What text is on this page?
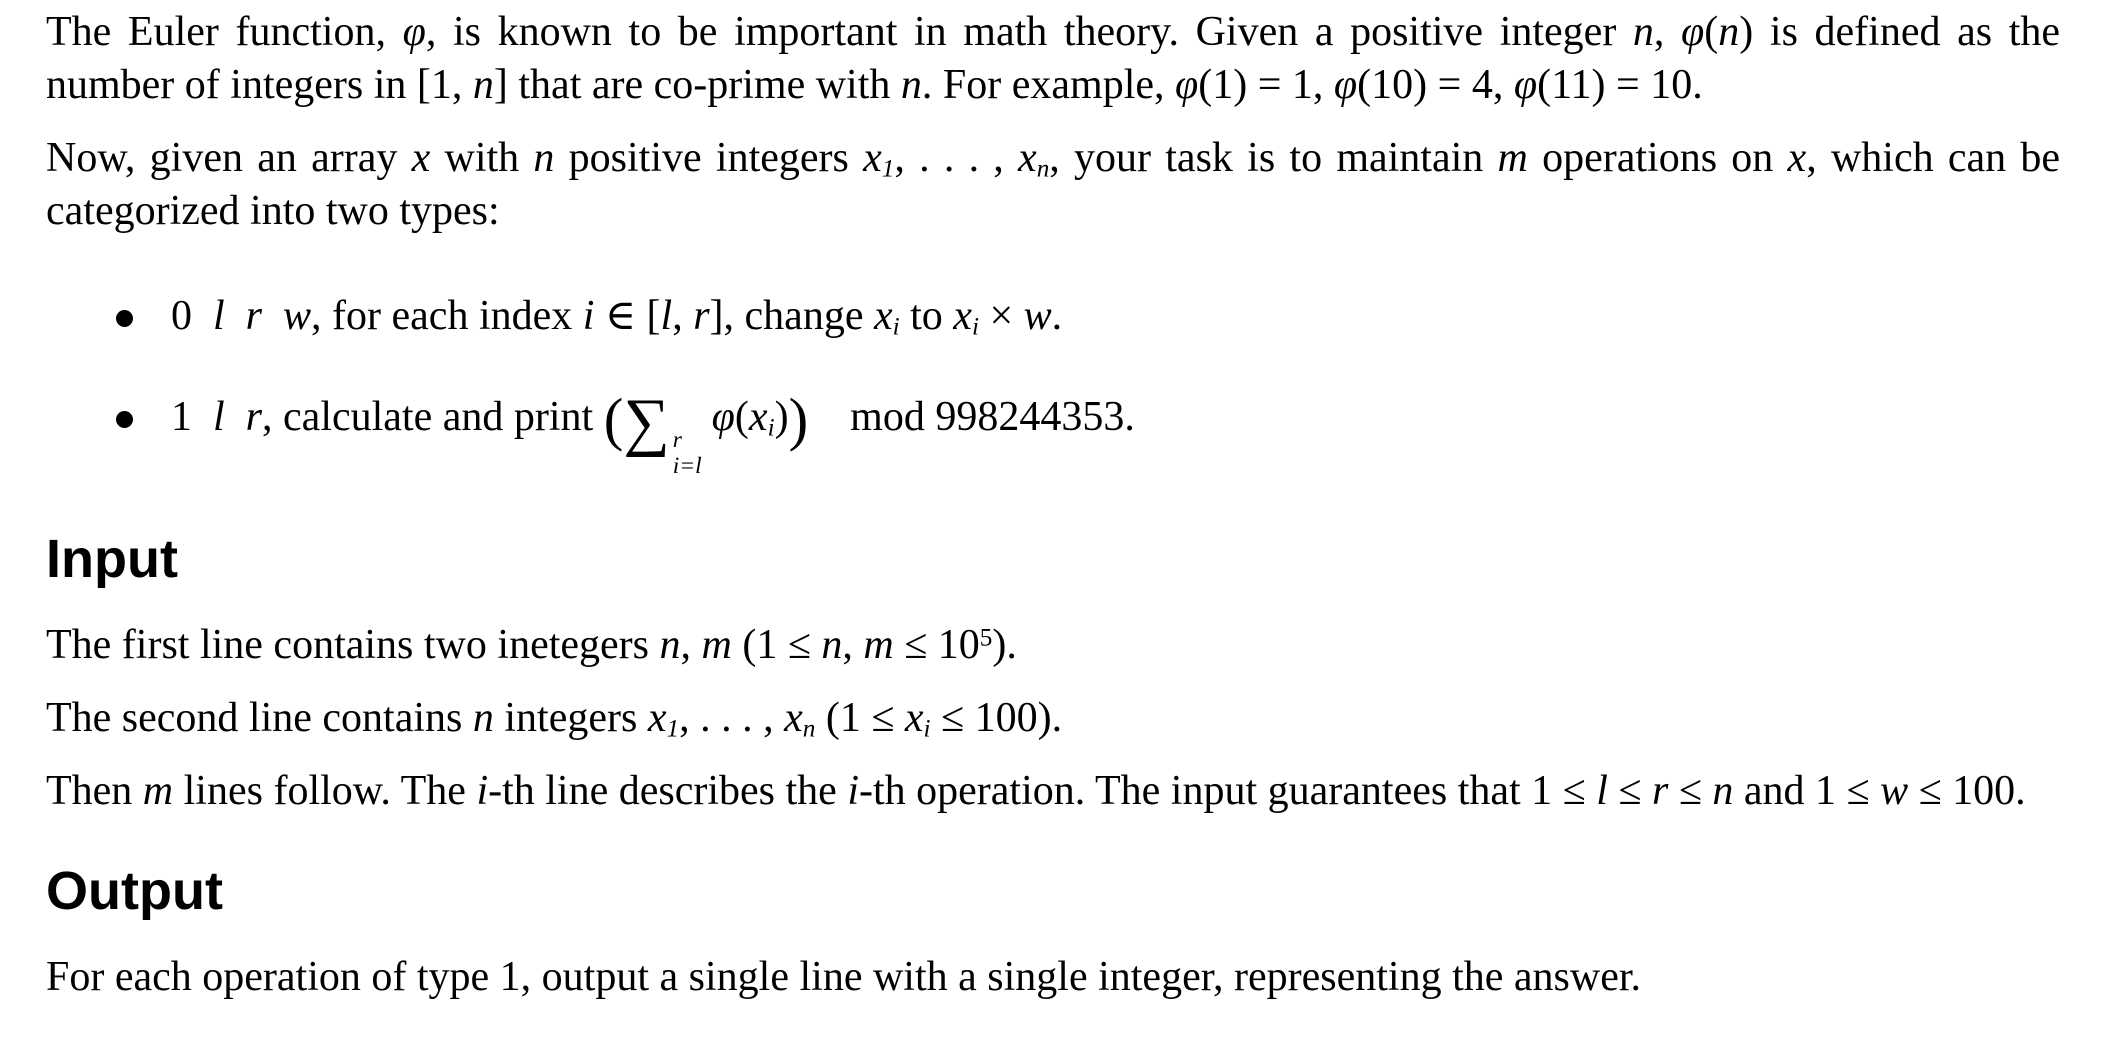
The Euler function, φ, is known to be important in math theory. Given a positive integer n, φ(n) is defined as the number of integers in [1, n] that are co-prime with n. For example, φ(1) = 1, φ(10) = 4, φ(11) = 10.

Now, given an array x with n positive integers $x_1$, . . . , $x_n$, your task is to maintain m operations on x, which can be categorized into two types:

0 l  r  w, for each index i ∈ [l, r], change $x_i$ to $x_i \times w$.
1 l  r, calculate and print (∑ r
i=l
$\varphi(x_i)$) mod 998244353.
Input

The first line contains two inetegers n, m (1 ≤ n, $m \le 10^5$).

The second line contains n integers $x_1$, . . . , $x_n$ $(1 \le x_i \le 100)$.

Then m lines follow. The i-th line describes the i-th operation. The input guarantees that 1 ≤ l ≤ r ≤ n and 1 ≤ w ≤ 100.

Output

For each operation of type 1, output a single line with a single integer, representing the answer.
